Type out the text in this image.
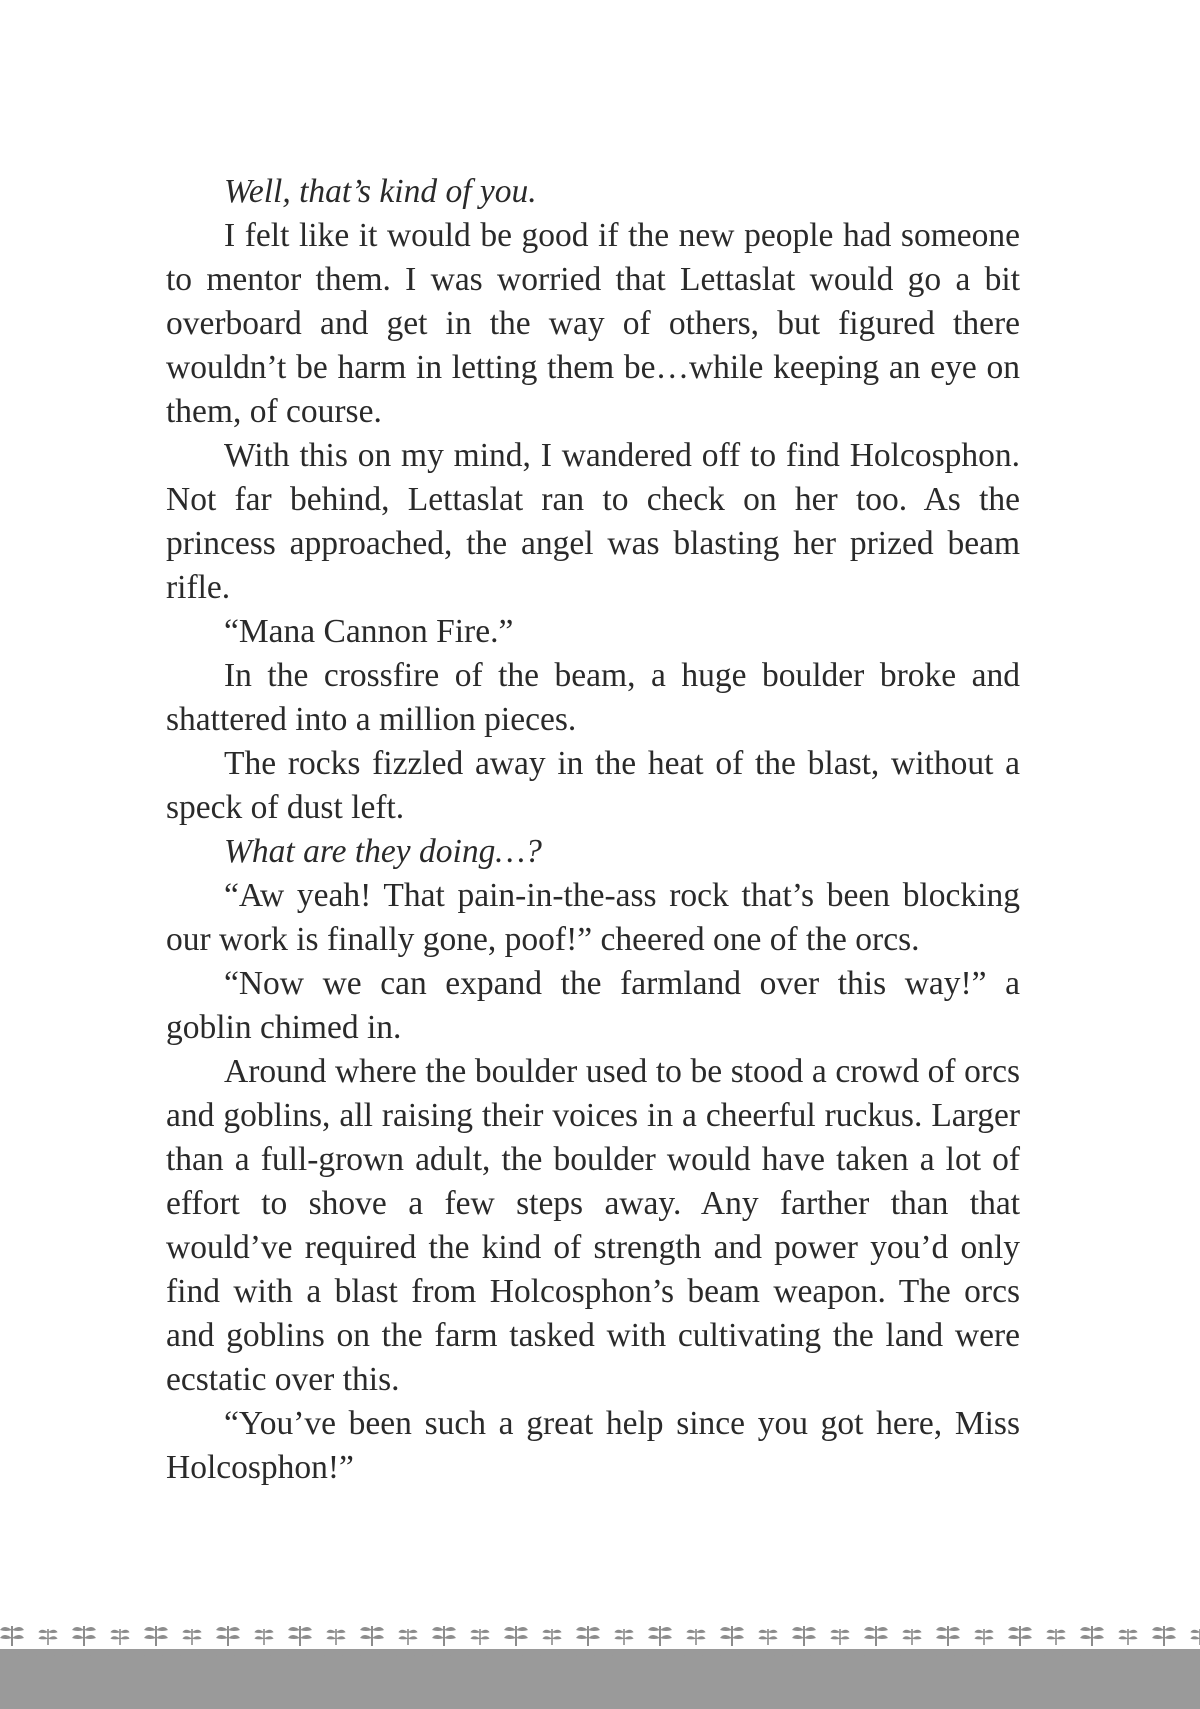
Well, that’s kind of you.

I felt like it would be good if the new people had someone to mentor them. I was worried that Lettaslat would go a bit overboard and get in the way of others, but figured there wouldn’t be harm in letting them be…while keeping an eye on them, of course.

With this on my mind, I wandered off to find Holcosphon. Not far behind, Lettaslat ran to check on her too. As the princess approached, the angel was blasting her prized beam rifle.

“Mana Cannon Fire.”

In the crossfire of the beam, a huge boulder broke and shattered into a million pieces.

The rocks fizzled away in the heat of the blast, without a speck of dust left.

What are they doing…?

“Aw yeah! That pain-in-the-ass rock that’s been blocking our work is finally gone, poof!” cheered one of the orcs.

“Now we can expand the farmland over this way!” a goblin chimed in.

Around where the boulder used to be stood a crowd of orcs and goblins, all raising their voices in a cheerful ruckus. Larger than a full-grown adult, the boulder would have taken a lot of effort to shove a few steps away. Any farther than that would’ve required the kind of strength and power you’d only find with a blast from Holcosphon’s beam weapon. The orcs and goblins on the farm tasked with cultivating the land were ecstatic over this.

“You’ve been such a great help since you got here, Miss Holcosphon!”
